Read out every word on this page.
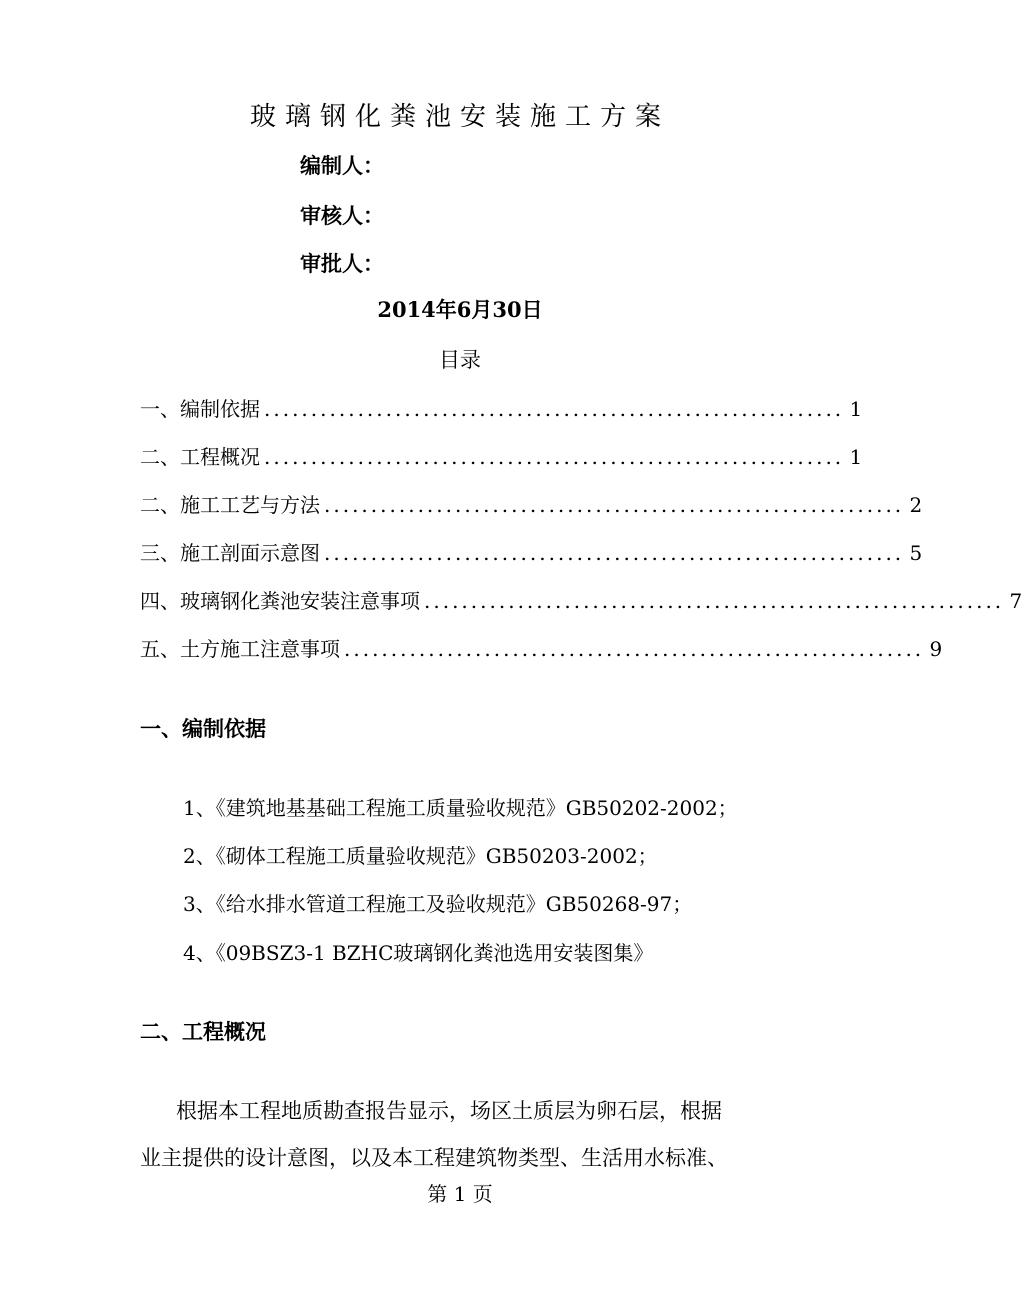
玻璃钢化粪池安装施工方案
编制人：
审核人：
审批人：
2014年6月30日
目录
一、编制依据 .............................................................. 1
二、工程概况 .............................................................. 1
二、施工工艺与方法 .............................................................. 2
三、施工剖面示意图 .............................................................. 5
四、玻璃钢化粪池安装注意事项 .............................................................. 7
五、土方施工注意事项 .............................................................. 9
一、编制依据
1、《建筑地基基础工程施工质量验收规范》GB50202-2002；
2、《砌体工程施工质量验收规范》GB50203-2002；
3、《给水排水管道工程施工及验收规范》GB50268-97；
4、《09BSZ3-1 BZHC玻璃钢化粪池选用安装图集》
二、工程概况
根据本工程地质勘查报告显示，场区土质层为卵石层，根据
业主提供的设计意图，以及本工程建筑物类型、生活用水标准、
第 1 页
